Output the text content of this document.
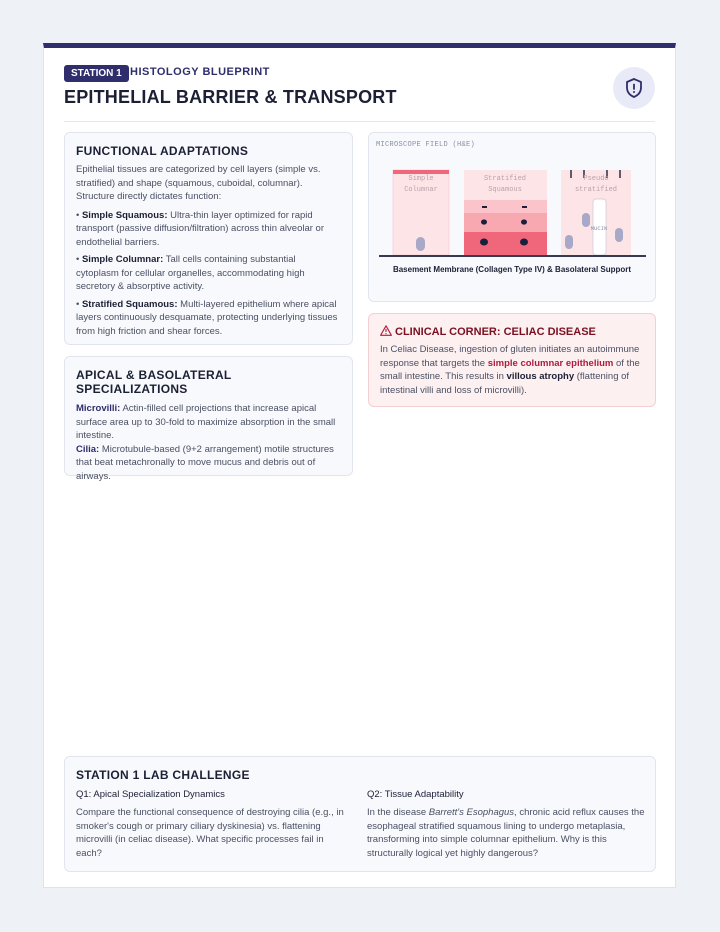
STATION 1 HISTOLOGY BLUEPRINT
EPITHELIAL BARRIER & TRANSPORT
FUNCTIONAL ADAPTATIONS

Epithelial tissues are categorized by cell layers (simple vs. stratified) and shape (squamous, cuboidal, columnar). Structure directly dictates function:

• Simple Squamous: Ultra-thin layer optimized for rapid transport (passive diffusion/filtration) across thin alveolar or endothelial barriers.

• Simple Columnar: Tall cells containing substantial cytoplasm for cellular organelles, accommodating high secretory & absorptive activity.

• Stratified Squamous: Multi-layered epithelium where apical layers continuously desquamate, protecting underlying tissues from high friction and shear forces.

APICAL & BASOLATERAL SPECIALIZATIONS

Microvilli: Actin-filled cell projections that increase apical surface area up to 30-fold to maximize absorption in the small intestine.

Cilia: Microtubule-based (9+2 arrangement) motile structures that beat metachronally to move mucus and debris out of airways.

MICROSCOPE FIELD (H&E)
Simple
Columnar
Stratified
Squamous
Pseudo
stratified
MUCIN
Basement Membrane (Collagen Type IV) & Basolateral Support
CLINICAL CORNER: CELIAC DISEASE

In Celiac Disease, ingestion of gluten initiates an autoimmune response that targets the simple columnar epithelium of the small intestine. This results in villous atrophy (flattening of intestinal villi and loss of microvilli).

STATION 1 LAB CHALLENGE

Q1: Apical Specialization Dynamics

Compare the functional consequence of destroying cilia (e.g., in smoker's cough or primary ciliary dyskinesia) vs. flattening microvilli (in celiac disease). What specific processes fail in each?

Q2: Tissue Adaptability

In the disease Barrett's Esophagus, chronic acid reflux causes the esophageal stratified squamous lining to undergo metaplasia, transforming into simple columnar epithelium. Why is this structurally logical yet highly dangerous?
